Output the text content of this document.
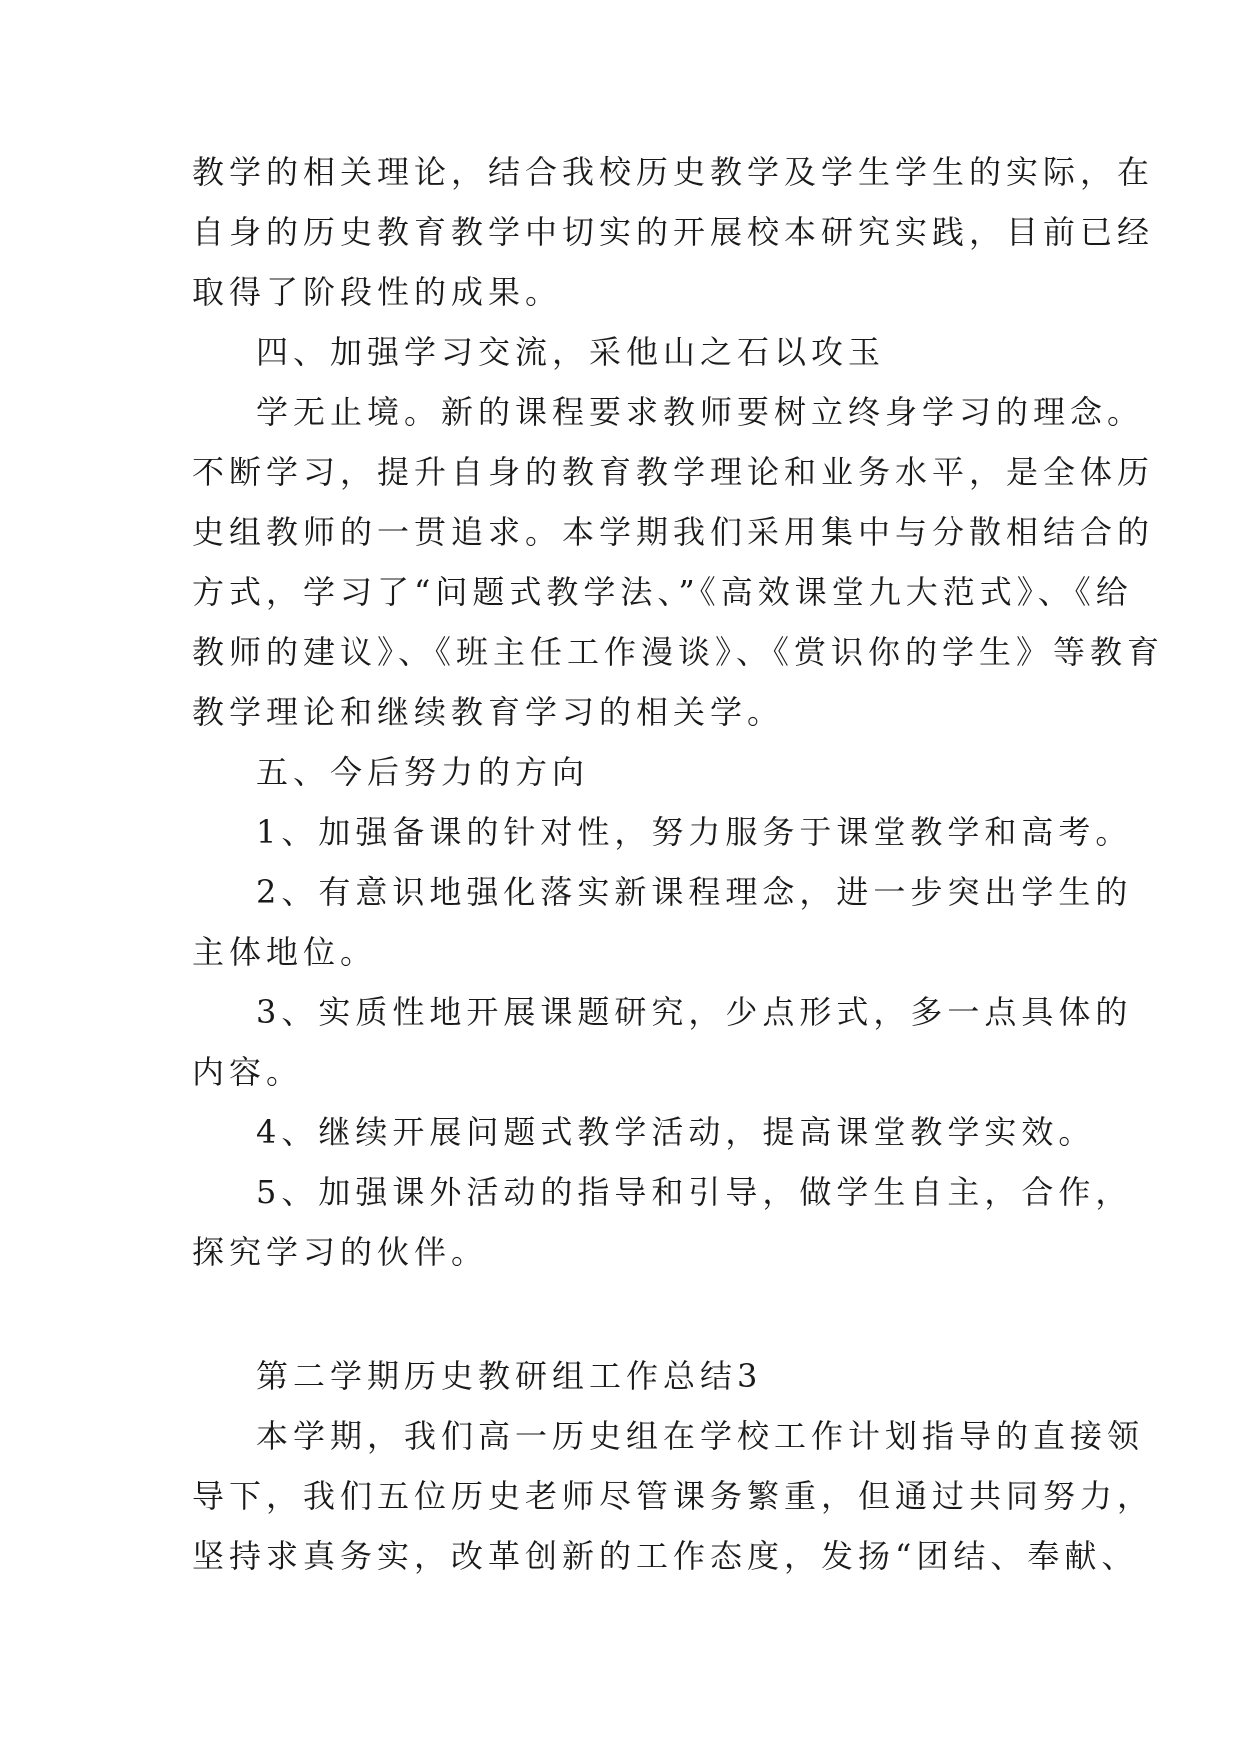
教学的相关理论，结合我校历史教学及学生学生的实际，在
自身的历史教育教学中切实的开展校本研究实践，目前已经
取得了阶段性的成果。
四、加强学习交流，采他山之石以攻玉
学无止境。新的课程要求教师要树立终身学习的理念。
不断学习，提升自身的教育教学理论和业务水平，是全体历
史组教师的一贯追求。本学期我们采用集中与分散相结合的
方式，学习了“问题式教学法、”《高效课堂九大范式》、《给
教师的建议》、《班主任工作漫谈》、《赏识你的学生》等教育
教学理论和继续教育学习的相关学。
五、今后努力的方向
1、加强备课的针对性，努力服务于课堂教学和高考。
2、有意识地强化落实新课程理念，进一步突出学生的
主体地位。
3、实质性地开展课题研究，少点形式，多一点具体的
内容。
4、继续开展问题式教学活动，提高课堂教学实效。
5、加强课外活动的指导和引导，做学生自主，合作，
探究学习的伙伴。
第二学期历史教研组工作总结3
本学期，我们高一历史组在学校工作计划指导的直接领
导下，我们五位历史老师尽管课务繁重，但通过共同努力，
坚持求真务实，改革创新的工作态度，发扬“团结、奉献、
